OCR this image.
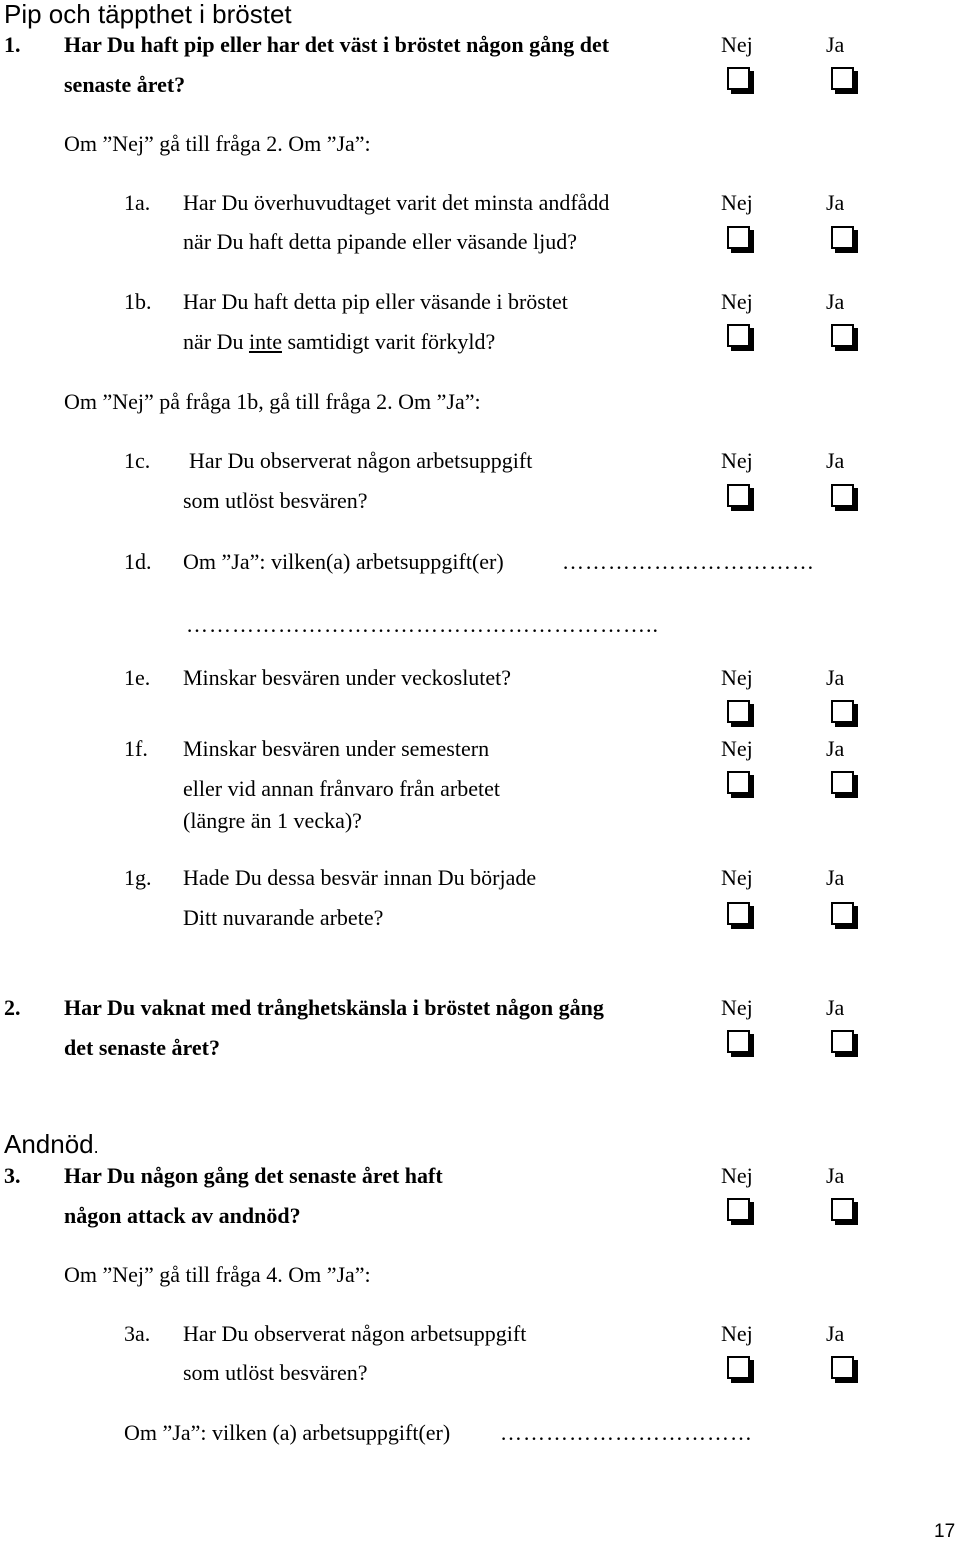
Pip och täppthet i bröstet
1. Har Du haft pip eller har det väst i bröstet någon gång det
senaste året?
Nej	Ja
Om ”Nej” gå till fråga 2. Om ”Ja”:
1a. Har Du överhuvudtaget varit det minsta andfådd
när Du haft detta pipande eller väsande ljud?
Nej	Ja
1b. Har Du haft detta pip eller väsande i bröstet
när Du inte samtidigt varit förkyld?
Nej	Ja
Om ”Nej” på fråga 1b, gå till fråga 2. Om ”Ja”:
1c. Har Du observerat någon arbetsuppgift
som utlöst besvären?
Nej	Ja
1d. Om ”Ja”: vilken(a) arbetsuppgift(er)	……………………………
……………………………………………………..
1e. Minskar besvären under veckoslutet?	Nej	Ja
1f. Minskar besvären under semestern
eller vid annan frånvaro från arbetet
(längre än 1 vecka)?
Nej	Ja
1g. Hade Du dessa besvär innan Du började
Ditt nuvarande arbete?
Nej	Ja
2. Har Du vaknat med trånghetskänsla i bröstet någon gång
det senaste året?
Nej	Ja
Andnöd.
3. Har Du någon gång det senaste året haft
någon attack av andnöd?
Nej	Ja
Om ”Nej” gå till fråga 4. Om ”Ja”:
3a. Har Du observerat någon arbetsuppgift
som utlöst besvären?
Nej	Ja
Om ”Ja”: vilken (a) arbetsuppgift(er) ……………………………
17
